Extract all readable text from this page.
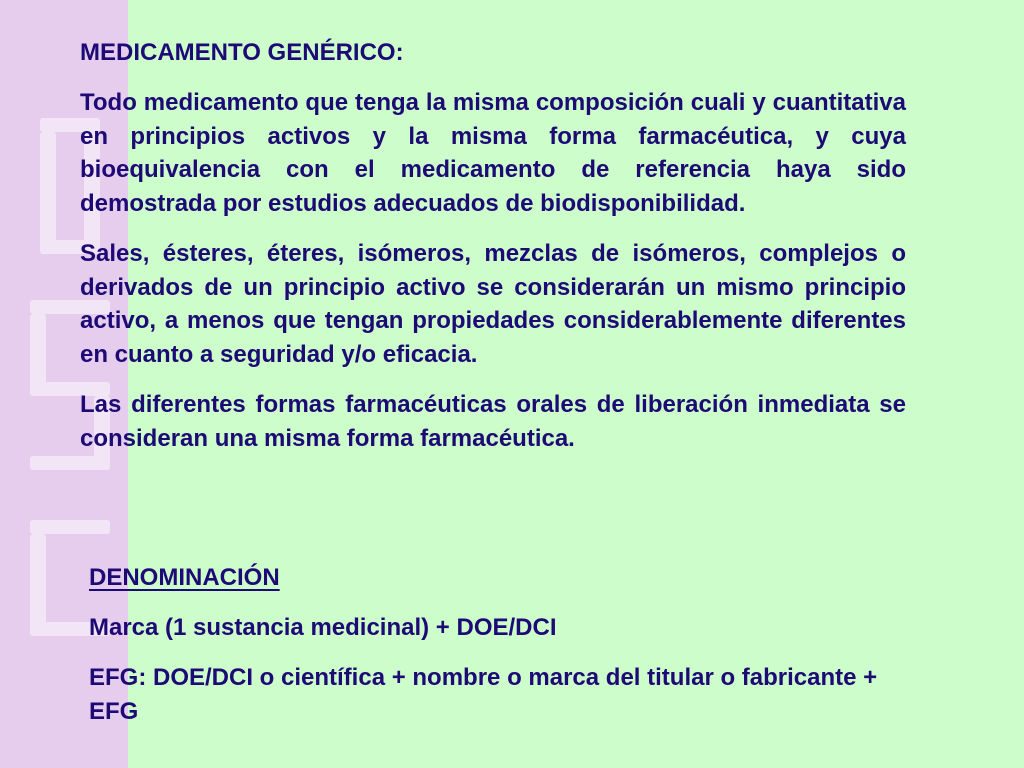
MEDICAMENTO GENÉRICO:

Todo medicamento que tenga la misma composición cuali y cuantitativa en principios activos y la misma forma farmacéutica, y cuya bioequivalencia con el medicamento de referencia haya sido demostrada por estudios adecuados de biodisponibilidad.

Sales, ésteres, éteres, isómeros, mezclas de isómeros, complejos o derivados de un principio activo se considerarán un mismo principio activo, a menos que tengan propiedades considerablemente diferentes en cuanto a seguridad y/o eficacia.

Las diferentes formas farmacéuticas orales de liberación inmediata se consideran una misma forma farmacéutica.

DENOMINACIÓN

Marca (1 sustancia medicinal) + DOE/DCI

EFG: DOE/DCI o científica + nombre o marca del titular o fabricante + EFG
